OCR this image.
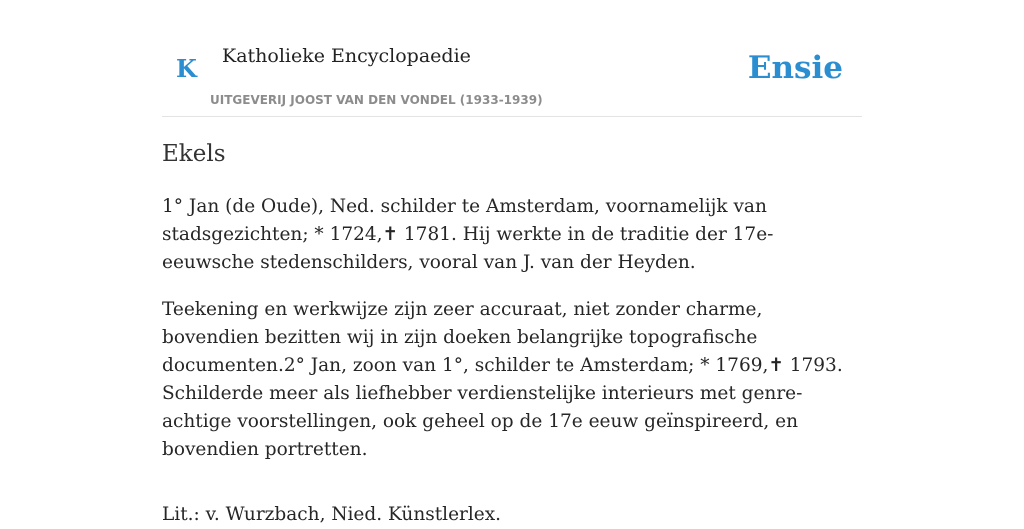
K Katholieke Encyclopaedie
UITGEVERIJ JOOST VAN DEN VONDEL (1933-1939)
Ensie
Ekels

1° Jan (de Oude), Ned. schilder te Amsterdam, voornamelijk van stadsgezichten; * 1724,✝ 1781. Hij werkte in de traditie der 17e-eeuwsche stedenschilders, vooral van J. van der Heyden.

Teekening en werkwijze zijn zeer accuraat, niet zonder charme, bovendien bezitten wij in zijn doeken belangrijke topografische documenten.2° Jan, zoon van 1°, schilder te Amsterdam; * 1769,✝ 1793. Schilderde meer als liefhebber verdienstelijke interieurs met genre-achtige voorstellingen, ook geheel op de 17e eeuw geïnspireerd, en bovendien portretten.

Lit.: v. Wurzbach, Nied. Künstlerlex.
